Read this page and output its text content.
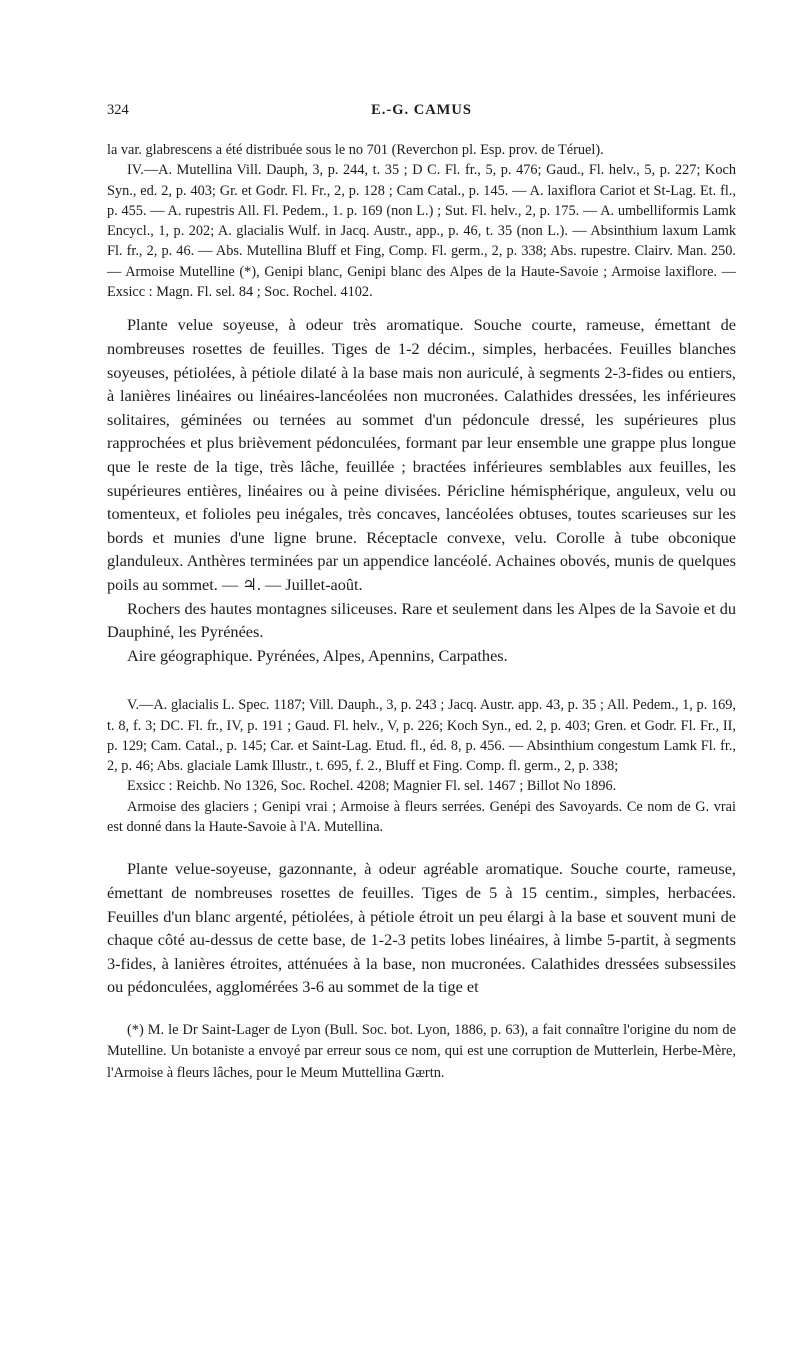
324	E.-G. CAMUS

la var. glabrescens a été distribuée sous le no 701 (Reverchon pl. Esp. prov. de Téruel).

IV.—A. Mutellina Vill. Dauph, 3, p. 244, t. 35 ; D C. Fl. fr., 5, p. 476; Gaud., Fl. helv., 5, p. 227; Koch Syn., ed. 2, p. 403; Gr. et Godr. Fl. Fr., 2, p. 128 ; Cam Catal., p. 145. — A. laxiflora Cariot et St-Lag. Et. fl., p. 455. — A. rupestris All. Fl. Pedem., 1. p. 169 (non L.) ; Sut. Fl. helv., 2, p. 175. — A. umbelliformis Lamk Encycl., 1, p. 202; A. glacialis Wulf. in Jacq. Austr., app., p. 46, t. 35 (non L.). — Absinthium laxum Lamk Fl. fr., 2, p. 46. — Abs. Mutellina Bluff et Fing, Comp. Fl. germ., 2, p. 338; Abs. rupestre. Clairv. Man. 250. — Armoise Mutelline (*), Genipi blanc, Genipi blanc des Alpes de la Haute-Savoie ; Armoise laxiflore. — Exsicc : Magn. Fl. sel. 84 ; Soc. Rochel. 4102.

Plante velue soyeuse, à odeur très aromatique. Souche courte, rameuse, émettant de nombreuses rosettes de feuilles. Tiges de 1-2 décim., simples, herbacées. Feuilles blanches soyeuses, pétiolées, à pétiole dilaté à la base mais non auriculé, à segments 2-3-fides ou entiers, à lanières linéaires ou linéaires-lancéolées non mucronées. Calathides dressées, les inférieures solitaires, géminées ou ternées au sommet d'un pédoncule dressé, les supérieures plus rapprochées et plus brièvement pédonculées, formant par leur ensemble une grappe plus longue que le reste de la tige, très lâche, feuillée ; bractées inférieures semblables aux feuilles, les supérieures entières, linéaires ou à peine divisées. Péricline hémisphérique, anguleux, velu ou tomenteux, et folioles peu inégales, très concaves, lancéolées obtuses, toutes scarieuses sur les bords et munies d'une ligne brune. Réceptacle convexe, velu. Corolle à tube obconique glanduleux. Anthères terminées par un appendice lancéolé. Achaines obovés, munis de quelques poils au sommet. — ♃. — Juillet-août.

Rochers des hautes montagnes siliceuses. Rare et seulement dans les Alpes de la Savoie et du Dauphiné, les Pyrénées.

Aire géographique. Pyrénées, Alpes, Apennins, Carpathes.

V.—A. glacialis L. Spec. 1187; Vill. Dauph., 3, p. 243 ; Jacq. Austr. app. 43, p. 35 ; All. Pedem., 1, p. 169, t. 8, f. 3; DC. Fl. fr., IV, p. 191 ; Gaud. Fl. helv., V, p. 226; Koch Syn., ed. 2, p. 403; Gren. et Godr. Fl. Fr., II, p. 129; Cam. Catal., p. 145; Car. et Saint-Lag. Etud. fl., éd. 8, p. 456. — Absinthium congestum Lamk Fl. fr., 2, p. 46; Abs. glaciale Lamk Illustr., t. 695, f. 2., Bluff et Fing. Comp. fl. germ., 2, p. 338;

Exsicc : Reichb. No 1326, Soc. Rochel. 4208; Magnier Fl. sel. 1467 ; Billot No 1896.

Armoise des glaciers ; Genipi vrai ; Armoise à fleurs serrées. Genépi des Savoyards. Ce nom de G. vrai est donné dans la Haute-Savoie à l'A. Mutellina.

Plante velue-soyeuse, gazonnante, à odeur agréable aromatique. Souche courte, rameuse, émettant de nombreuses rosettes de feuilles. Tiges de 5 à 15 centim., simples, herbacées. Feuilles d'un blanc argenté, pétiolées, à pétiole étroit un peu élargi à la base et souvent muni de chaque côté au-dessus de cette base, de 1-2-3 petits lobes linéaires, à limbe 5-partit, à segments 3-fides, à lanières étroites, atténuées à la base, non mucronées. Calathides dressées subsessiles ou pédonculées, agglomérées 3-6 au sommet de la tige et

(*) M. le Dr Saint-Lager de Lyon (Bull. Soc. bot. Lyon, 1886, p. 63), a fait connaître l'origine du nom de Mutelline. Un botaniste a envoyé par erreur sous ce nom, qui est une corruption de Mutterlein, Herbe-Mère, l'Armoise à fleurs lâches, pour le Meum Muttellina Gærtn.
